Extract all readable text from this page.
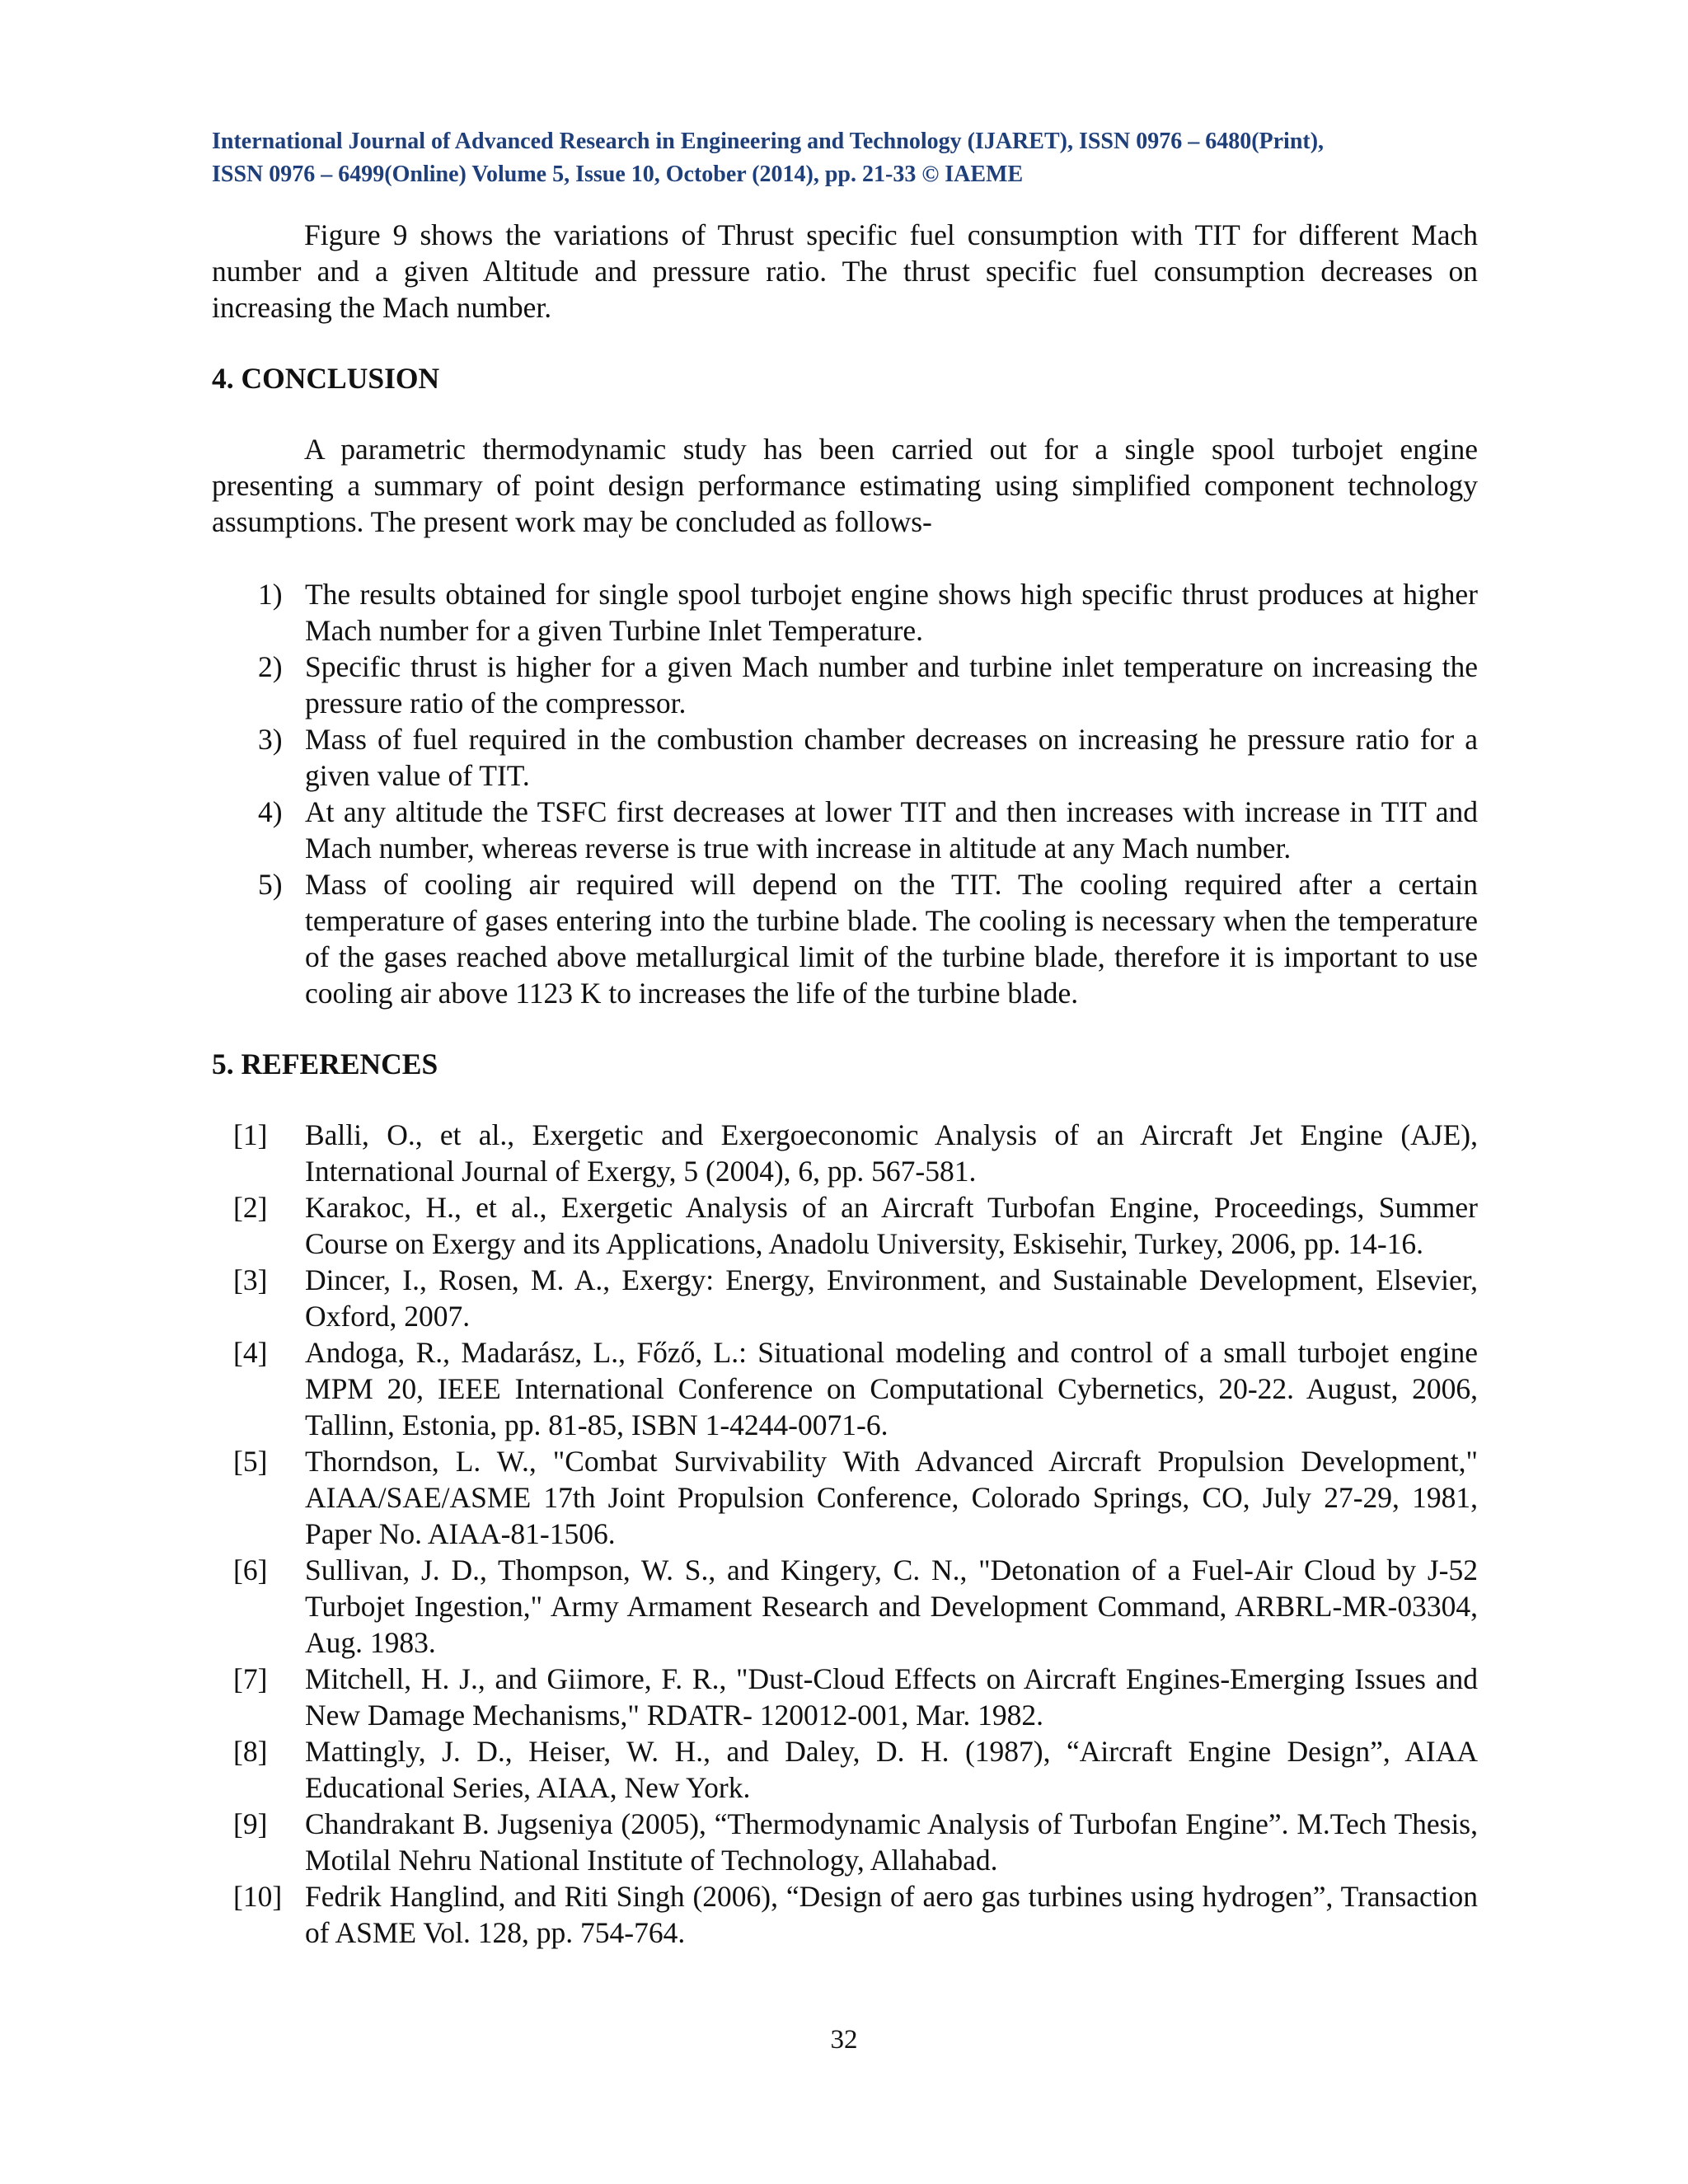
International Journal of Advanced Research in Engineering and Technology (IJARET), ISSN 0976 – 6480(Print),
ISSN 0976 – 6499(Online) Volume 5, Issue 10, October (2014), pp. 21-33 © IAEME

Figure 9 shows the variations of Thrust specific fuel consumption with TIT for different Mach number and a given Altitude and pressure ratio. The thrust specific fuel consumption decreases on increasing the Mach number.

4. CONCLUSION

A parametric thermodynamic study has been carried out for a single spool turbojet engine presenting a summary of point design performance estimating using simplified component technology assumptions. The present work may be concluded as follows-

1) The results obtained for single spool turbojet engine shows high specific thrust produces at higher Mach number for a given Turbine Inlet Temperature.
2) Specific thrust is higher for a given Mach number and turbine inlet temperature on increasing the pressure ratio of the compressor.
3) Mass of fuel required in the combustion chamber decreases on increasing he pressure ratio for a given value of TIT.
4) At any altitude the TSFC first decreases at lower TIT and then increases with increase in TIT and Mach number, whereas reverse is true with increase in altitude at any Mach number.
5) Mass of cooling air required will depend on the TIT. The cooling required after a certain temperature of gases entering into the turbine blade. The cooling is necessary when the temperature of the gases reached above metallurgical limit of the turbine blade, therefore it is important to use cooling air above 1123 K to increases the life of the turbine blade.
5. REFERENCES
[1] Balli, O., et al., Exergetic and Exergoeconomic Analysis of an Aircraft Jet Engine (AJE), International Journal of Exergy, 5 (2004), 6, pp. 567-581.
[2] Karakoc, H., et al., Exergetic Analysis of an Aircraft Turbofan Engine, Proceedings, Summer Course on Exergy and its Applications, Anadolu University, Eskisehir, Turkey, 2006, pp. 14-16.
[3] Dincer, I., Rosen, M. A., Exergy: Energy, Environment, and Sustainable Development, Elsevier, Oxford, 2007.
[4] Andoga, R., Madarász, L., Főző, L.: Situational modeling and control of a small turbojet engine MPM 20, IEEE International Conference on Computational Cybernetics, 20-22. August, 2006, Tallinn, Estonia, pp. 81-85, ISBN 1-4244-0071-6.
[5] Thorndson, L. W., "Combat Survivability With Advanced Aircraft Propulsion Development," AIAA/SAE/ASME 17th Joint Propulsion Conference, Colorado Springs, CO, July 27-29, 1981, Paper No. AIAA-81-1506.
[6] Sullivan, J. D., Thompson, W. S., and Kingery, C. N., "Detonation of a Fuel-Air Cloud by J-52 Turbojet Ingestion," Army Armament Research and Development Command, ARBRL-MR-03304, Aug. 1983.
[7] Mitchell, H. J., and Giimore, F. R., "Dust-Cloud Effects on Aircraft Engines-Emerging Issues and New Damage Mechanisms," RDATR- 120012-001, Mar. 1982.
[8] Mattingly, J. D., Heiser, W. H., and Daley, D. H. (1987), “Aircraft Engine Design”, AIAA Educational Series, AIAA, New York.
[9] Chandrakant B. Jugseniya (2005), “Thermodynamic Analysis of Turbofan Engine”. M.Tech Thesis, Motilal Nehru National Institute of Technology, Allahabad.
[10] Fedrik Hanglind, and Riti Singh (2006), “Design of aero gas turbines using hydrogen”, Transaction of ASME Vol. 128, pp. 754-764.
32
